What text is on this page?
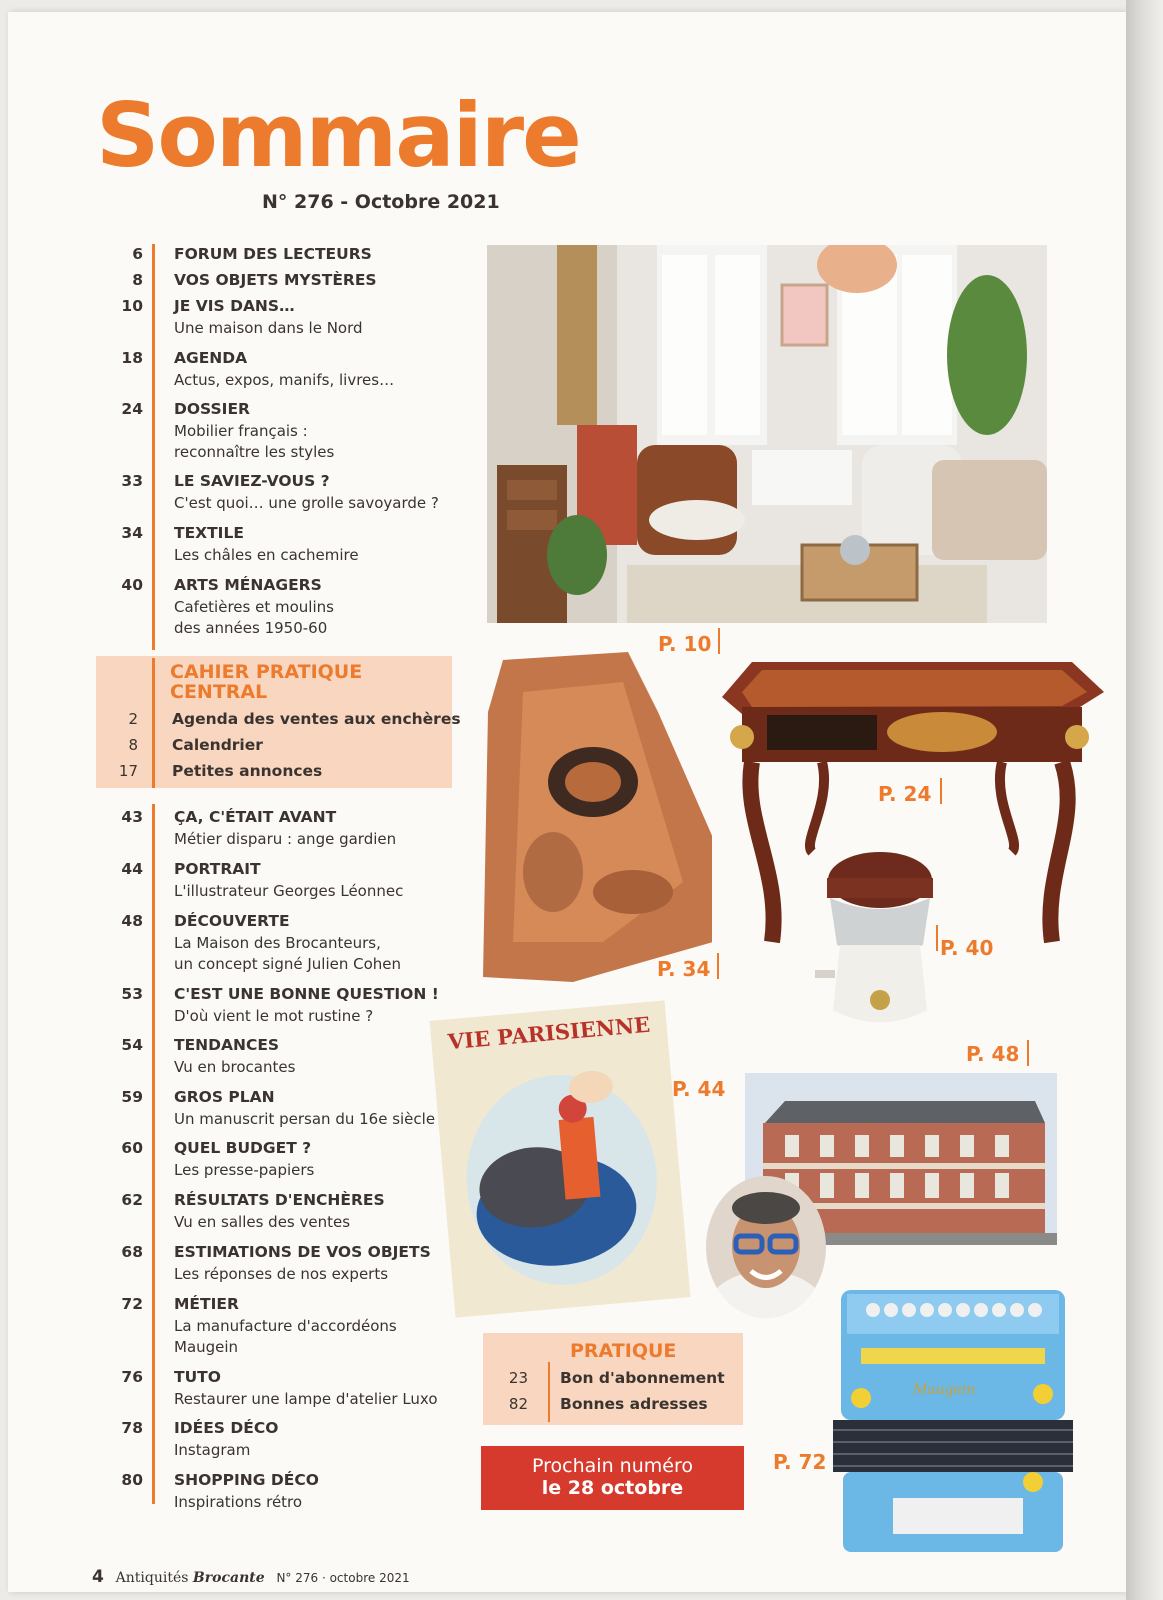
Sommaire
N° 276 - Octobre 2021
6 FORUM DES LECTEURS
8 VOS OBJETS MYSTÈRES
10 JE VIS DANS…
Une maison dans le Nord
18 AGENDA
Actus, expos, manifs, livres…
24 DOSSIER
Mobilier français :
reconnaître les styles
33 LE SAVIEZ-VOUS ?
C'est quoi… une grolle savoyarde ?
34 TEXTILE
Les châles en cachemire
40 ARTS MÉNAGERS
Cafetières et moulins
des années 1950-60
CAHIER PRATIQUE CENTRAL
2 Agenda des ventes aux enchères
8 Calendrier
17 Petites annonces
43 ÇA, C'ÉTAIT AVANT
Métier disparu : ange gardien
44 PORTRAIT
L'illustrateur Georges Léonnec
48 DÉCOUVERTE
La Maison des Brocanteurs,
un concept signé Julien Cohen
53 C'EST UNE BONNE QUESTION !
D'où vient le mot rustine ?
54 TENDANCES
Vu en brocantes
59 GROS PLAN
Un manuscrit persan du 16e siècle
60 QUEL BUDGET ?
Les presse-papiers
62 RÉSULTATS D'ENCHÈRES
Vu en salles des ventes
68 ESTIMATIONS DE VOS OBJETS
Les réponses de nos experts
72 MÉTIER
La manufacture d'accordéons
Maugein
76 TUTO
Restaurer une lampe d'atelier Luxo
78 IDÉES DÉCO
Instagram
80 SHOPPING DÉCO
Inspirations rétro
VIE PARISIENNE
Maugein
P. 10
P. 24
P. 40
P. 34
P. 48
P. 44
P. 72
PRATIQUE
23 Bon d'abonnement
82 Bonnes adresses
Prochain numéro
le 28 octobre
4 Antiquités Brocante N° 276 · octobre 2021
